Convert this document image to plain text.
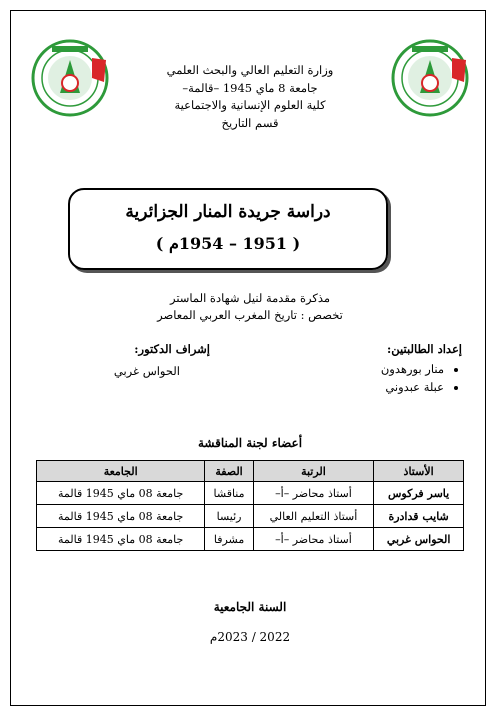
وزارة التعليم العالي والبحث العلمي
جامعة 8 ماي 1945 –قالمة–
كلية العلوم الإنسانية والاجتماعية
قسم التاريخ
دراسة جريدة المنار الجزائرية
( 1951 – 1954م )
مذكرة مقدمة لنيل شهادة الماستر
تخصص : تاريخ المغرب العربي المعاصر
إعداد الطالبتين:
• منار بورهدون
• عبلة عبدوني
إشراف الدكتور:
الحواس غربي
أعضاء لجنة المناقشة
الأستاذ	الرتبة	الصفة	الجامعة
ياسر فركوس	أستاذ محاضر –أ–	مناقشا	جامعة 08 ماي 1945 قالمة
شايب قدادرة	أستاذ التعليم العالي	رئيسا	جامعة 08 ماي 1945 قالمة
الحواس غربي	أستاذ محاضر –أ–	مشرفا	جامعة 08 ماي 1945 قالمة
السنة الجامعية
2022 / 2023م
